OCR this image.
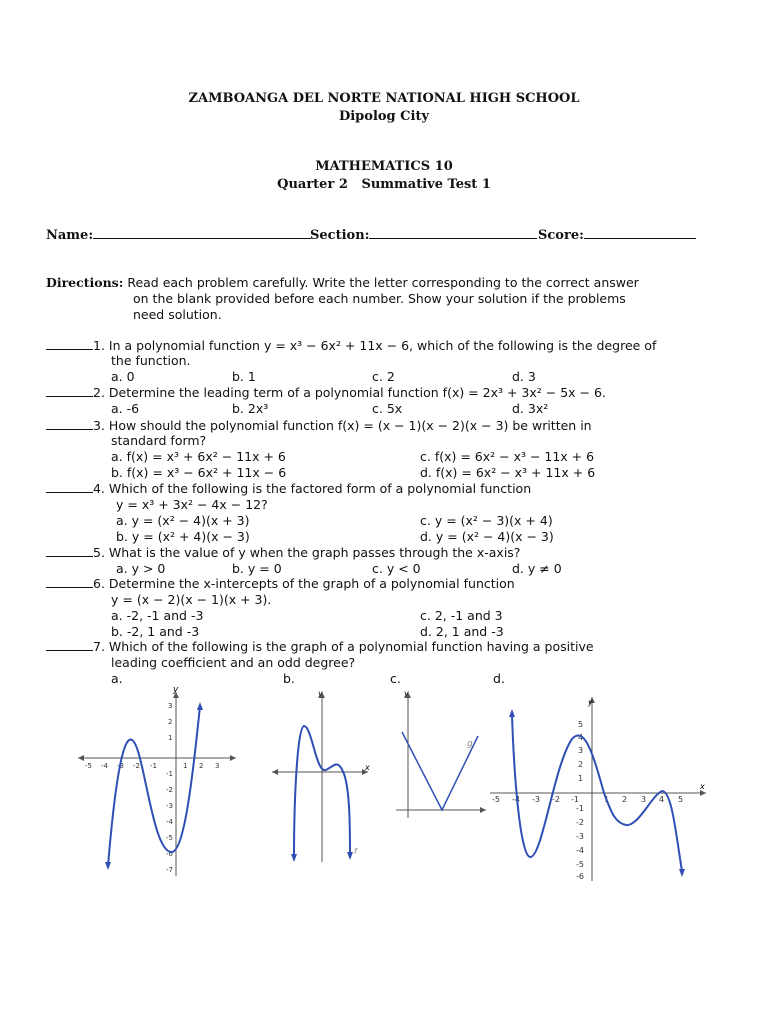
ZAMBOANGA DEL NORTE NATIONAL HIGH SCHOOL
Dipolog City
MATHEMATICS 10
Quarter 2   Summative Test 1
Name:	Section:	Score:
Directions: Read each problem carefully. Write the letter corresponding to the correct answer
on the blank provided before each number. Show your solution if the problems
need solution.
1. In a polynomial function y = x³ − 6x² + 11x − 6, which of the following is the degree of
the function.
a. 0	b. 1	c. 2	d. 3
2. Determine the leading term of a polynomial function f(x) = 2x³ + 3x² − 5x − 6.
a. -6	b. 2x³	c. 5x	d. 3x²
3. How should the polynomial function f(x) = (x − 1)(x − 2)(x − 3) be written in
standard form?
a. f(x) = x³ + 6x² − 11x + 6	c. f(x) = 6x² − x³ − 11x + 6
b. f(x) = x³ − 6x² + 11x − 6	d. f(x) = 6x² − x³ + 11x + 6
4. Which of the following is the factored form of a polynomial function
y = x³ + 3x² − 4x − 12?
a. y = (x² − 4)(x + 3)	c. y = (x² − 3)(x + 4)
b. y = (x² + 4)(x − 3)	d. y = (x² − 4)(x − 3)
5. What is the value of y when the graph passes through the x-axis?
a. y > 0	b. y = 0	c. y < 0	d. y ≠ 0
6. Determine the x-intercepts of the graph of a polynomial function
y = (x − 2)(x − 1)(x + 3).
a. -2, -1 and -3	c. 2, -1 and 3
b. -2, 1 and -3	d. 2, 1 and -3
7. Which of the following is the graph of a polynomial function having a positive
leading coefficient and an odd degree?
a.	b.	c.	d.
y
-5 -4 -3 -2 -1	1 2 3
3
2
1
-1
-2
-3
-4
-5
-6
-7
x
y
f
y
g
x
y
-5 -4 -3 -2 -1	1 2 3 4 5
5
4
3
2
1
-1
-2
-3
-4
-5
-6
